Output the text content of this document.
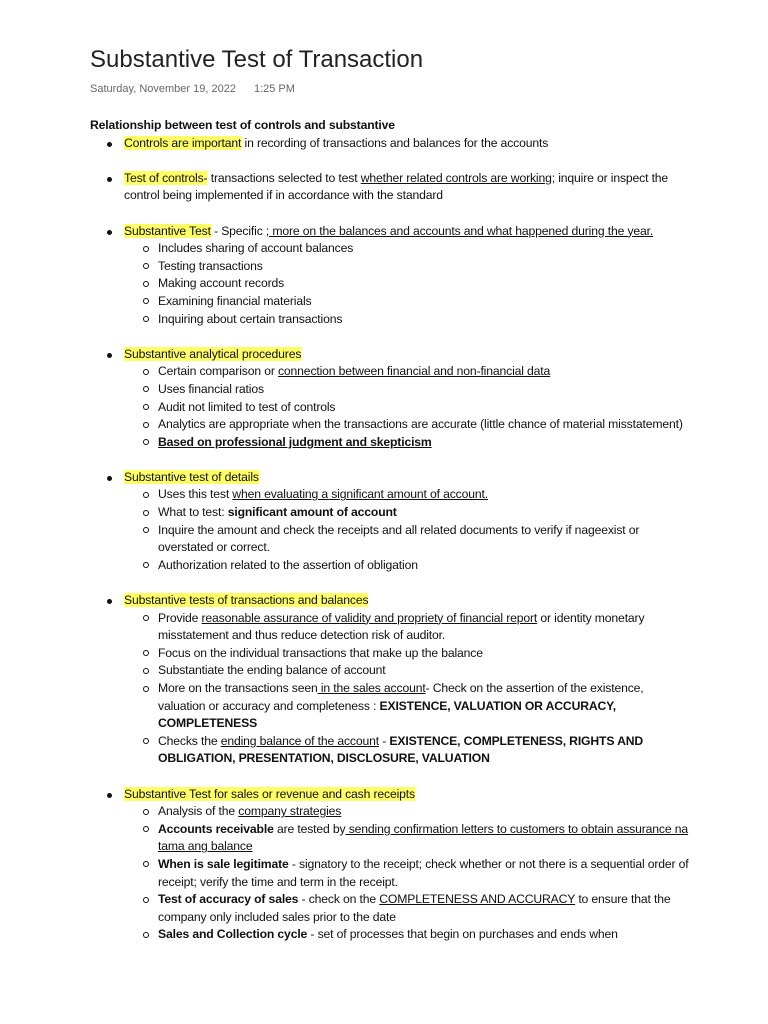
Substantive Test of Transaction
Saturday, November 19, 2022 1:25 PM
Relationship between test of controls and substantive
Controls are important in recording of transactions and balances for the accounts
Test of controls- transactions selected to test whether related controls are working; inquire or inspect the control being implemented if in accordance with the standard
Substantive Test - Specific ; more on the balances and accounts and what happened during the year.
Includes sharing of account balances
Testing transactions
Making account records
Examining financial materials
Inquiring about certain transactions
Substantive analytical procedures
Certain comparison or connection between financial and non-financial data
Uses financial ratios
Audit not limited to test of controls
Analytics are appropriate when the transactions are accurate (little chance of material misstatement)
Based on professional judgment and skepticism
Substantive test of details
Uses this test when evaluating a significant amount of account.
What to test: significant amount of account
Inquire the amount and check the receipts and all related documents to verify if nageexist or overstated or correct.
Authorization related to the assertion of obligation
Substantive tests of transactions and balances
Provide reasonable assurance of validity and propriety of financial report or identity monetary misstatement and thus reduce detection risk of auditor.
Focus on the individual transactions that make up the balance
Substantiate the ending balance of account
More on the transactions seen in the sales account- Check on the assertion of the existence, valuation or accuracy and completeness : EXISTENCE, VALUATION OR ACCURACY, COMPLETENESS
Checks the ending balance of the account - EXISTENCE, COMPLETENESS, RIGHTS AND OBLIGATION, PRESENTATION, DISCLOSURE, VALUATION
Substantive Test for sales or revenue and cash receipts
Analysis of the company strategies
Accounts receivable are tested by sending confirmation letters to customers to obtain assurance na tama ang balance
When is sale legitimate - signatory to the receipt; check whether or not there is a sequential order of receipt; verify the time and term in the receipt.
Test of accuracy of sales - check on the COMPLETENESS AND ACCURACY to ensure that the company only included sales prior to the date
Sales and Collection cycle - set of processes that begin on purchases and ends when
